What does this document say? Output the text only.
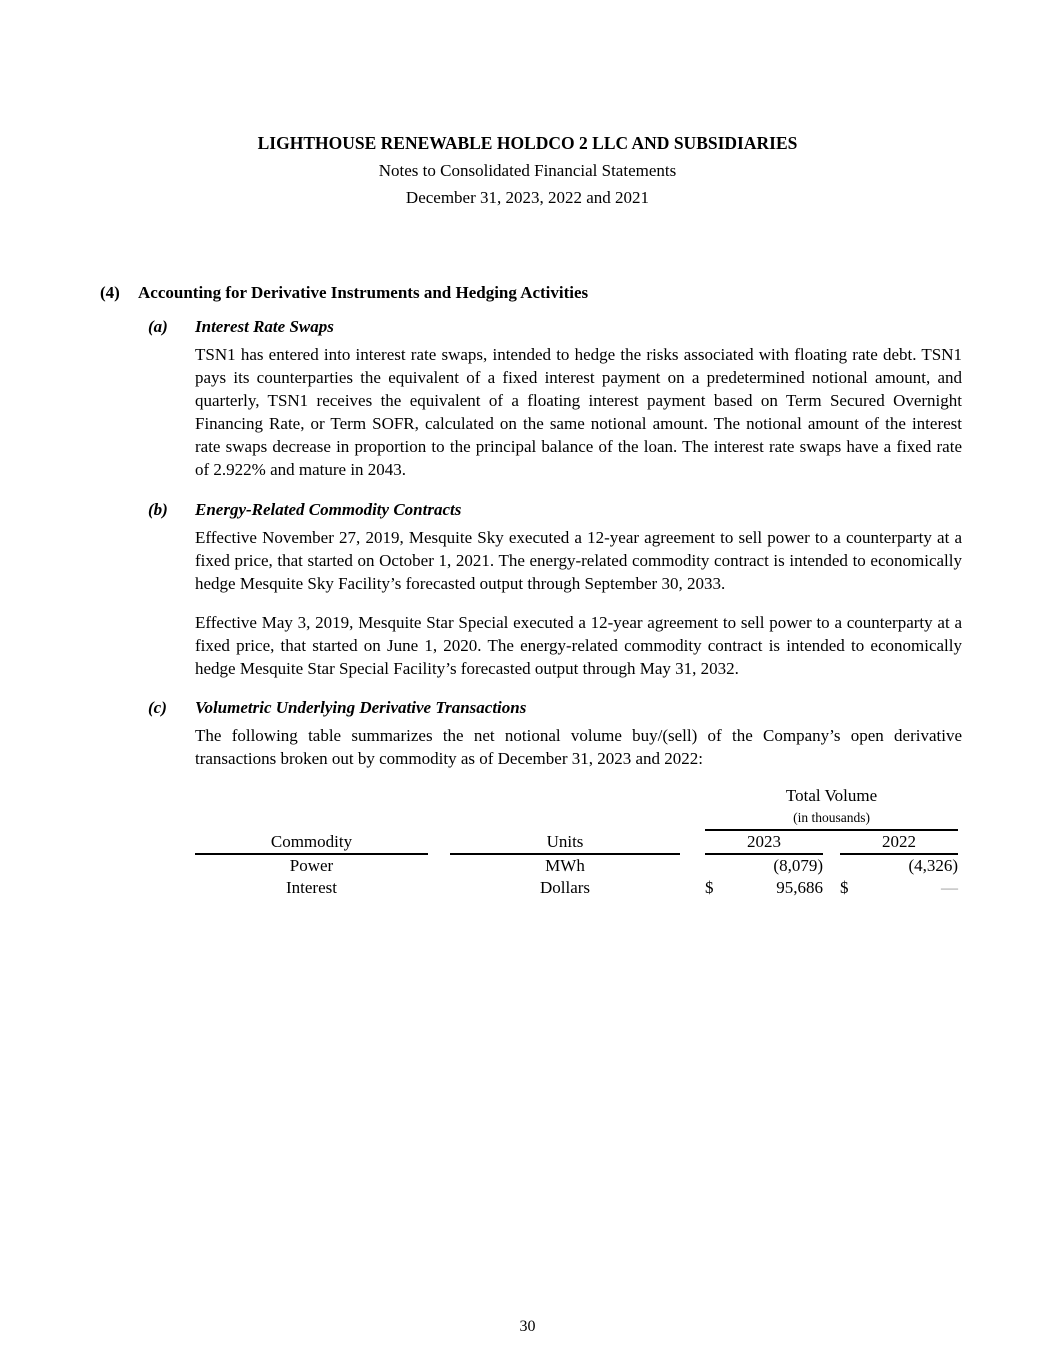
LIGHTHOUSE RENEWABLE HOLDCO 2 LLC AND SUBSIDIARIES
Notes to Consolidated Financial Statements
December 31, 2023, 2022 and 2021
(4) Accounting for Derivative Instruments and Hedging Activities
(a) Interest Rate Swaps

TSN1 has entered into interest rate swaps, intended to hedge the risks associated with floating rate debt. TSN1 pays its counterparties the equivalent of a fixed interest payment on a predetermined notional amount, and quarterly, TSN1 receives the equivalent of a floating interest payment based on Term Secured Overnight Financing Rate, or Term SOFR, calculated on the same notional amount. The notional amount of the interest rate swaps decrease in proportion to the principal balance of the loan. The interest rate swaps have a fixed rate of 2.922% and mature in 2043.

(b) Energy-Related Commodity Contracts

Effective November 27, 2019, Mesquite Sky executed a 12-year agreement to sell power to a counterparty at a fixed price, that started on October 1, 2021. The energy-related commodity contract is intended to economically hedge Mesquite Sky Facility’s forecasted output through September 30, 2033.

Effective May 3, 2019, Mesquite Star Special executed a 12-year agreement to sell power to a counterparty at a fixed price, that started on June 1, 2020. The energy-related commodity contract is intended to economically hedge Mesquite Star Special Facility’s forecasted output through May 31, 2032.

(c) Volumetric Underlying Derivative Transactions

The following table summarizes the net notional volume buy/(sell) of the Company’s open derivative transactions broken out by commodity as of December 31, 2023 and 2022:

				Total Volume				
				(in thousands)				
Commodity		Units		2023			2022	
Power		MWh			(8,079)			(4,326)
Interest		Dollars		$	95,686		$	—
30
